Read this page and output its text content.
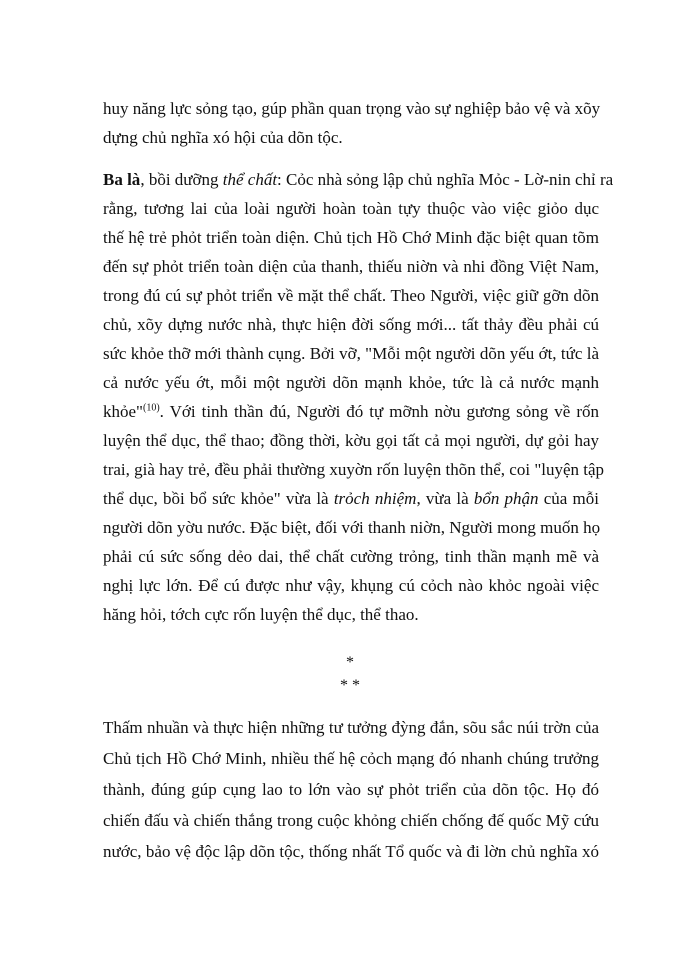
huy năng lực sỏng tạo, gúp phần quan trọng vào sự nghiệp bảo vệ và xõy
dựng chủ nghĩa xó hội của dõn tộc.
Ba là, bồi dưỡng thể chất: Cỏc nhà sỏng lập chủ nghĩa Mỏc - Lờ-nin chỉ ra
rằng, tương lai của loài người hoàn toàn tựy thuộc vào việc giỏo dục
thế hệ trẻ phỏt triển toàn diện. Chủ tịch Hồ Chớ Minh đặc biệt quan tõm
đến sự phỏt triển toàn diện của thanh, thiếu niờn và nhi đồng Việt Nam,
trong đú cú sự phỏt triển về mặt thể chất. Theo Người, việc giữ gỡn dõn
chủ, xõy dựng nước nhà, thực hiện đời sống mới... tất thảy đều phải cú
sức khỏe thỡ mới thành cụng. Bởi vỡ, "Mỗi một người dõn yếu ớt, tức là
cả nước yếu ớt, mỗi một người dõn mạnh khỏe, tức là cả nước mạnh
khỏe"$^{(10)}$. Với tinh thần đú, Người đó tự mỡnh nờu gương sỏng về rốn
luyện thể dục, thể thao; đồng thời, kờu gọi tất cả mọi người, dự gỏi hay
trai, già hay trẻ, đều phải thường xuyờn rốn luyện thõn thể, coi "luyện tập
thể dục, bồi bổ sức khỏe" vừa là trỏch nhiệm, vừa là bổn phận của mỗi
người dõn yờu nước. Đặc biệt, đối với thanh niờn, Người mong muốn họ
phải cú sức sống dẻo dai, thể chất cường trỏng, tinh thần mạnh mẽ và
nghị lực lớn. Để cú được như vậy, khụng cú cỏch nào khỏc ngoài việc
hăng hỏi, tớch cực rốn luyện thể dục, thể thao.
*
* *
Thấm nhuần và thực hiện những tư tưởng đỳng đắn, sõu sắc núi trờn của
Chủ tịch Hồ Chớ Minh, nhiều thế hệ cỏch mạng đó nhanh chúng trưởng
thành, đúng gúp cụng lao to lớn vào sự phỏt triển của dõn tộc. Họ đó
chiến đấu và chiến thắng trong cuộc khỏng chiến chống đế quốc Mỹ cứu
nước, bảo vệ độc lập dõn tộc, thống nhất Tổ quốc và đi lờn chủ nghĩa xó
